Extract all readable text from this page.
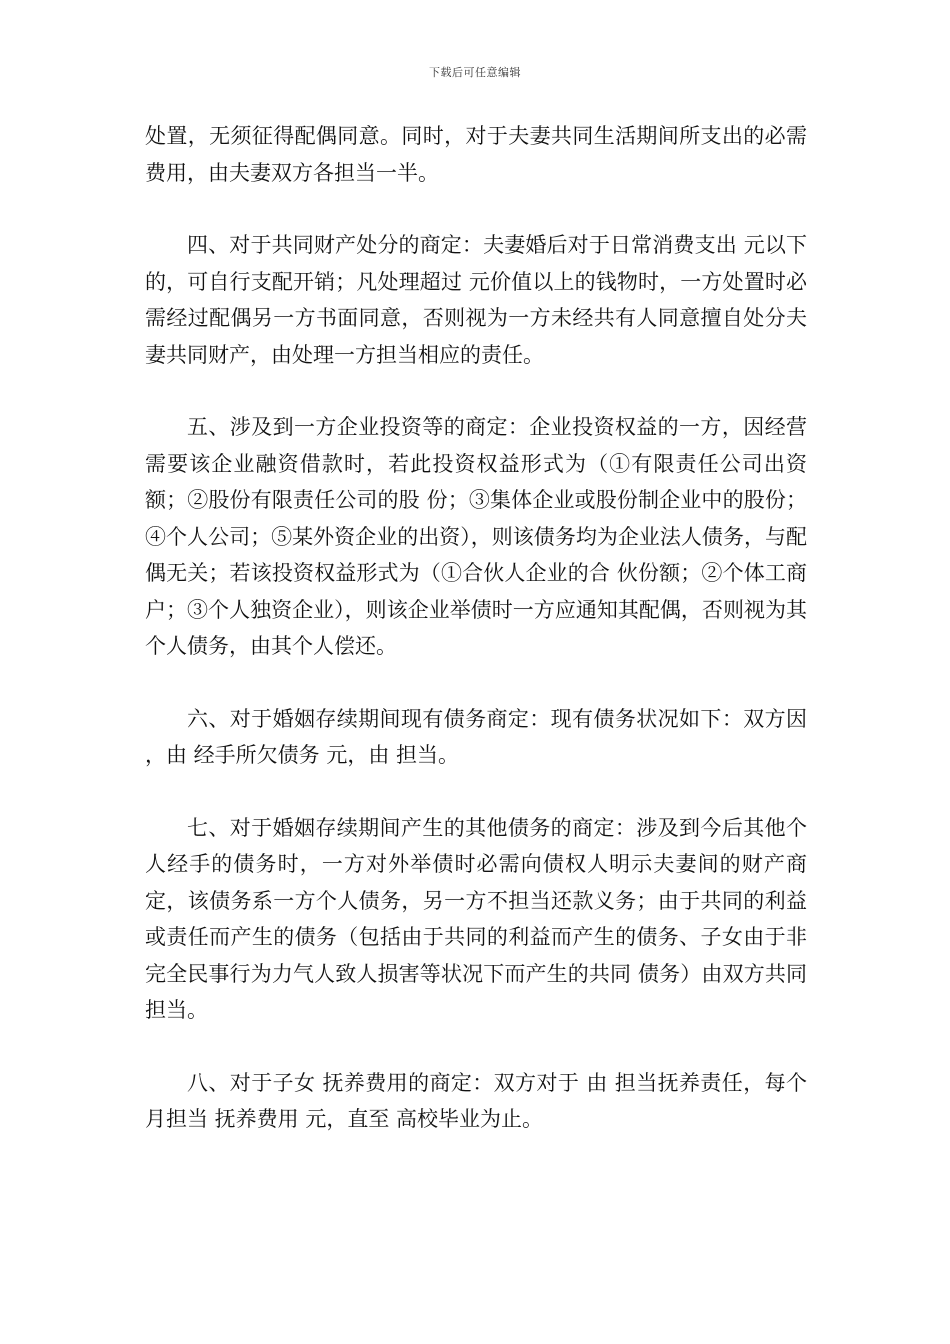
下载后可任意编辑

处置，无须征得配偶同意。同时，对于夫妻共同生活期间所支出的必需费用，由夫妻双方各担当一半。

四、对于共同财产处分的商定：夫妻婚后对于日常消费支出 元以下的，可自行支配开销；凡处理超过 元价值以上的钱物时，一方处置时必需经过配偶另一方书面同意，否则视为一方未经共有人同意擅自处分夫妻共同财产，由处理一方担当相应的责任。

五、涉及到一方企业投资等的商定：企业投资权益的一方，因经营需要该企业融资借款时，若此投资权益形式为（①有限责任公司出资额；②股份有限责任公司的股 份；③集体企业或股份制企业中的股份；④个人公司；⑤某外资企业的出资），则该债务均为企业法人债务，与配偶无关；若该投资权益形式为（①合伙人企业的合 伙份额；②个体工商户；③个人独资企业），则该企业举债时一方应通知其配偶，否则视为其个人债务，由其个人偿还。

六、对于婚姻存续期间现有债务商定：现有债务状况如下：双方因 ，由 经手所欠债务 元，由 担当。

七、对于婚姻存续期间产生的其他债务的商定：涉及到今后其他个人经手的债务时，一方对外举债时必需向债权人明示夫妻间的财产商定，该债务系一方个人债务，另一方不担当还款义务；由于共同的利益或责任而产生的债务（包括由于共同的利益而产生的债务、子女由于非完全民事行为力气人致人损害等状况下而产生的共同 债务）由双方共同担当。

八、对于子女 抚养费用的商定：双方对于 由 担当抚养责任，每个月担当 抚养费用 元，直至 高校毕业为止。
